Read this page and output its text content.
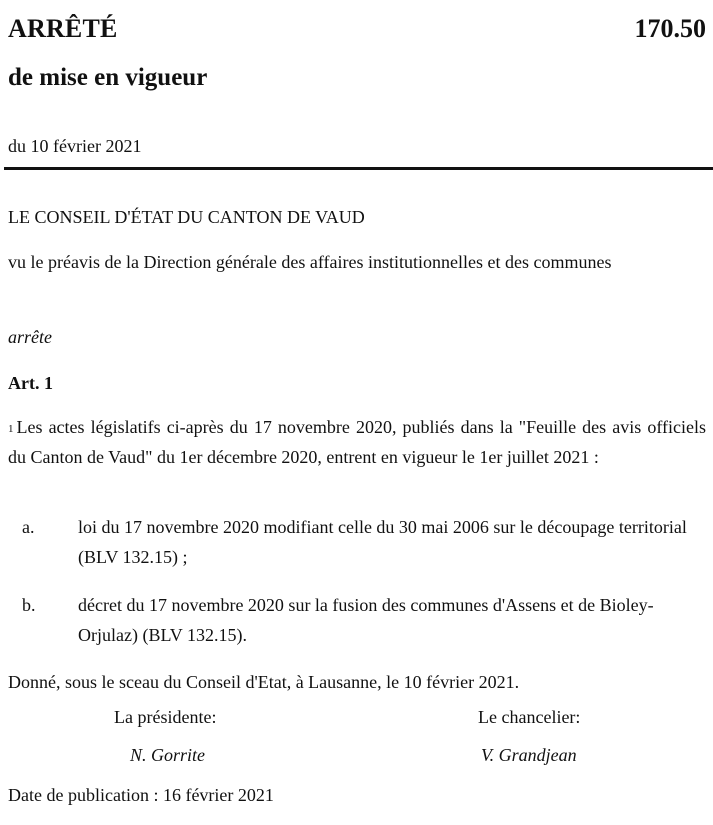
ARRÊTÉ	170.50
de mise en vigueur
du 10 février 2021
LE CONSEIL D'ÉTAT DU CANTON DE VAUD
vu le préavis de la Direction générale des affaires institutionnelles et des communes
arrête
Art. 1
$^1$ Les actes législatifs ci-après du 17 novembre 2020, publiés dans la "Feuille des avis officiels du Canton de Vaud" du 1er décembre 2020, entrent en vigueur le 1er juillet 2021 :
a. loi du 17 novembre 2020 modifiant celle du 30 mai 2006 sur le découpage territorial (BLV 132.15) ;
b. décret du 17 novembre 2020 sur la fusion des communes d'Assens et de Bioley-Orjulaz) (BLV 132.15).
Donné, sous le sceau du Conseil d'Etat, à Lausanne, le 10 février 2021.
La présidente:	Le chancelier:
N. Gorrite	V. Grandjean
Date de publication : 16 février 2021
